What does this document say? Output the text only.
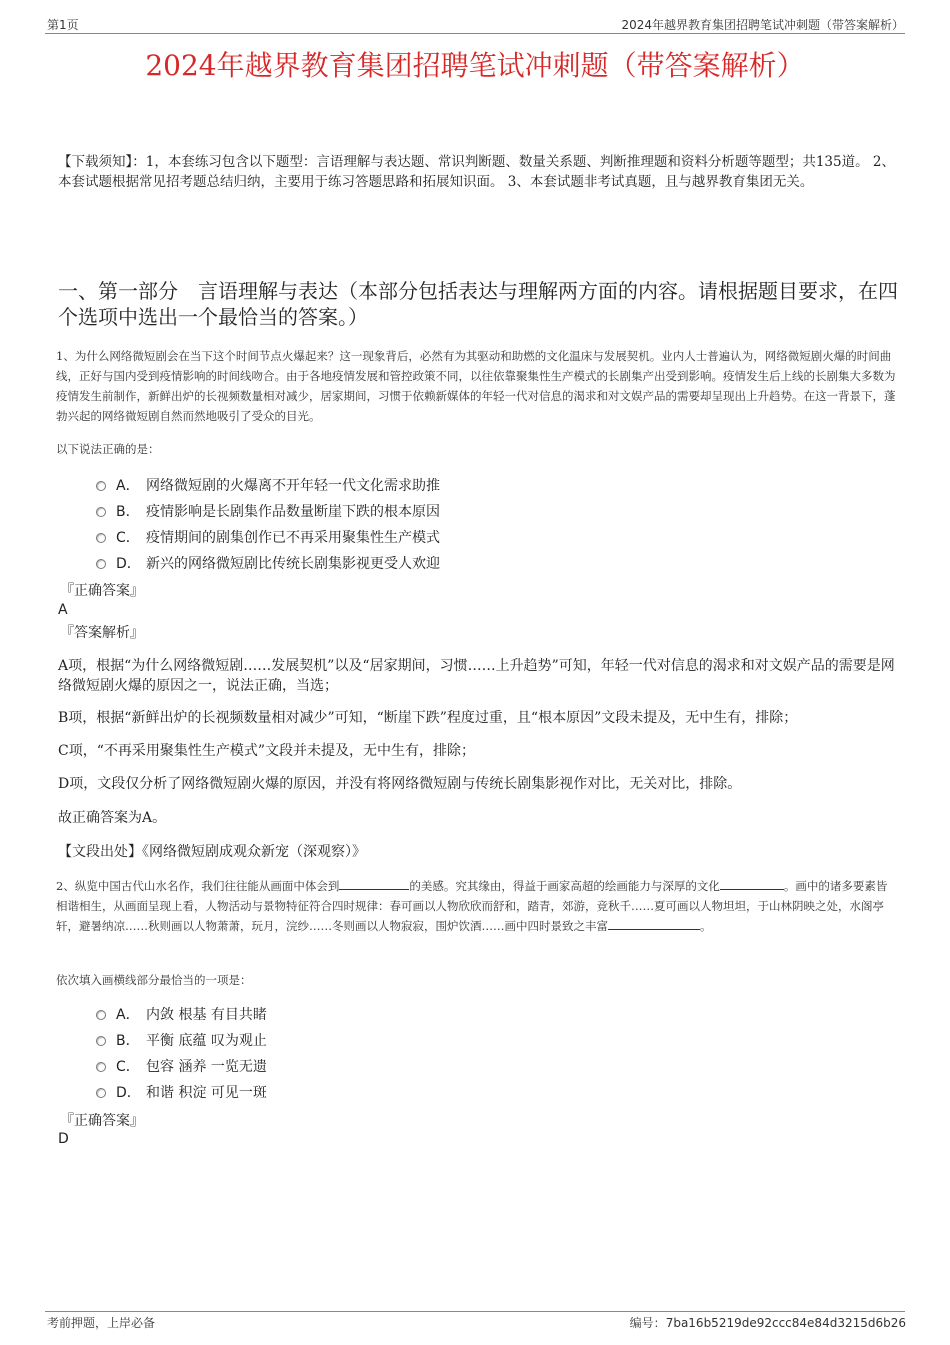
第1页	2024年越界教育集团招聘笔试冲刺题（带答案解析）
2024年越界教育集团招聘笔试冲刺题（带答案解析）
【下载须知】：1，本套练习包含以下题型：言语理解与表达题、常识判断题、数量关系题、判断推理题和资料分析题等题型；共135道。 2、本套试题根据常见招考题总结归纳，主要用于练习答题思路和拓展知识面。 3、本套试题非考试真题，且与越界教育集团无关。
一、第一部分　言语理解与表达（本部分包括表达与理解两方面的内容。请根据题目要求，在四个选项中选出一个最恰当的答案。）
1、为什么网络微短剧会在当下这个时间节点火爆起来？这一现象背后，必然有为其驱动和助燃的文化温床与发展契机。业内人士普遍认为，网络微短剧火爆的时间曲线，正好与国内受到疫情影响的时间线吻合。由于各地疫情发展和管控政策不同，以往依靠聚集性生产模式的长剧集产出受到影响。疫情发生后上线的长剧集大多数为疫情发生前制作，新鲜出炉的长视频数量相对减少，居家期间，习惯于依赖新媒体的年轻一代对信息的渴求和对文娱产品的需要却呈现出上升趋势。在这一背景下，蓬勃兴起的网络微短剧自然而然地吸引了受众的目光。
以下说法正确的是：
A． 网络微短剧的火爆离不开年轻一代文化需求助推
B． 疫情影响是长剧集作品数量断崖下跌的根本原因
C． 疫情期间的剧集创作已不再采用聚集性生产模式
D． 新兴的网络微短剧比传统长剧集影视更受人欢迎
『正确答案』
A
『答案解析』
A项，根据“为什么网络微短剧……发展契机”以及“居家期间，习惯……上升趋势”可知，年轻一代对信息的渴求和对文娱产品的需要是网络微短剧火爆的原因之一，说法正确，当选；
B项，根据“新鲜出炉的长视频数量相对减少”可知，“断崖下跌”程度过重，且“根本原因”文段未提及，无中生有，排除；
C项，“不再采用聚集性生产模式”文段并未提及，无中生有，排除；
D项，文段仅分析了网络微短剧火爆的原因，并没有将网络微短剧与传统长剧集影视作对比，无关对比，排除。
故正确答案为A。
【文段出处】《网络微短剧成观众新宠（深观察）》
2、纵览中国古代山水名作，我们往往能从画面中体会到	的美感。究其缘由，得益于画家高超的绘画能力与深厚的文化	。画中的诸多要素皆相谐相生，从画面呈现上看，人物活动与景物特征符合四时规律：春可画以人物欣欣而舒和，踏青，郊游，竞秋千……夏可画以人物坦坦，于山林阴映之处，水阁亭轩，避暑纳凉……秋则画以人物萧萧，玩月，浣纱……冬则画以人物寂寂，围炉饮酒……画中四时景致之丰富	。
依次填入画横线部分最恰当的一项是：
A． 内敛 根基 有目共睹
B． 平衡 底蕴 叹为观止
C． 包容 涵养 一览无遗
D． 和谐 积淀 可见一斑
『正确答案』
D
考前押题，上岸必备	编号：7ba16b5219de92ccc84e84d3215d6b26
